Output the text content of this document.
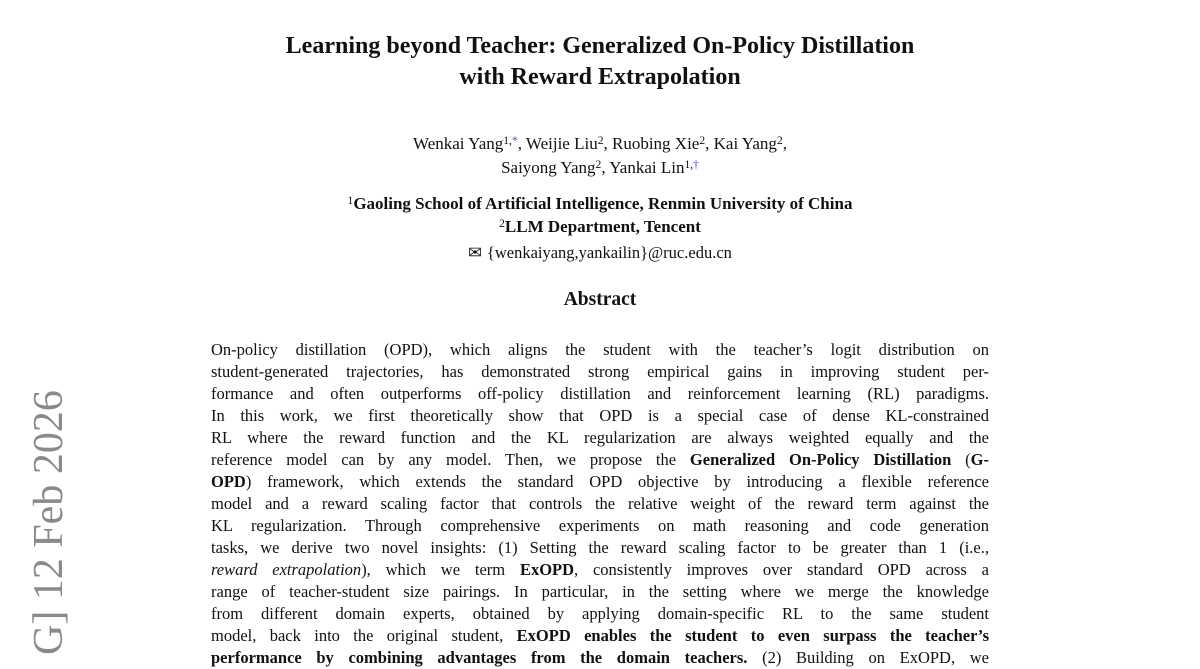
G] 12 Feb 2026
Learning beyond Teacher: Generalized On-Policy Distillation
with Reward Extrapolation
Wenkai Yang$^{1,*}$, Weijie Liu$^2$, Ruobing Xie$^2$, Kai Yang$^2$,
Saiyong Yang$^2$, Yankai Lin$^{1,\dagger}$
$^1$Gaoling School of Artificial Intelligence, Renmin University of China
$^2$LLM Department, Tencent
✉ {wenkaiyang,yankailin}@ruc.edu.cn
Abstract
On-policy distillation (OPD), which aligns the student with the teacher’s logit distribution on
student-generated trajectories, has demonstrated strong empirical gains in improving student per-
formance and often outperforms off-policy distillation and reinforcement learning (RL) paradigms.
In this work, we first theoretically show that OPD is a special case of dense KL-constrained
RL where the reward function and the KL regularization are always weighted equally and the
reference model can by any model. Then, we propose the Generalized On-Policy Distillation (G-
OPD) framework, which extends the standard OPD objective by introducing a flexible reference
model and a reward scaling factor that controls the relative weight of the reward term against the
KL regularization. Through comprehensive experiments on math reasoning and code generation
tasks, we derive two novel insights: (1) Setting the reward scaling factor to be greater than 1 (i.e.,
reward extrapolation), which we term ExOPD, consistently improves over standard OPD across a
range of teacher-student size pairings. In particular, in the setting where we merge the knowledge
from different domain experts, obtained by applying domain-specific RL to the same student
model, back into the original student, ExOPD enables the student to even surpass the teacher’s
performance by combining advantages from the domain teachers. (2) Building on ExOPD, we
